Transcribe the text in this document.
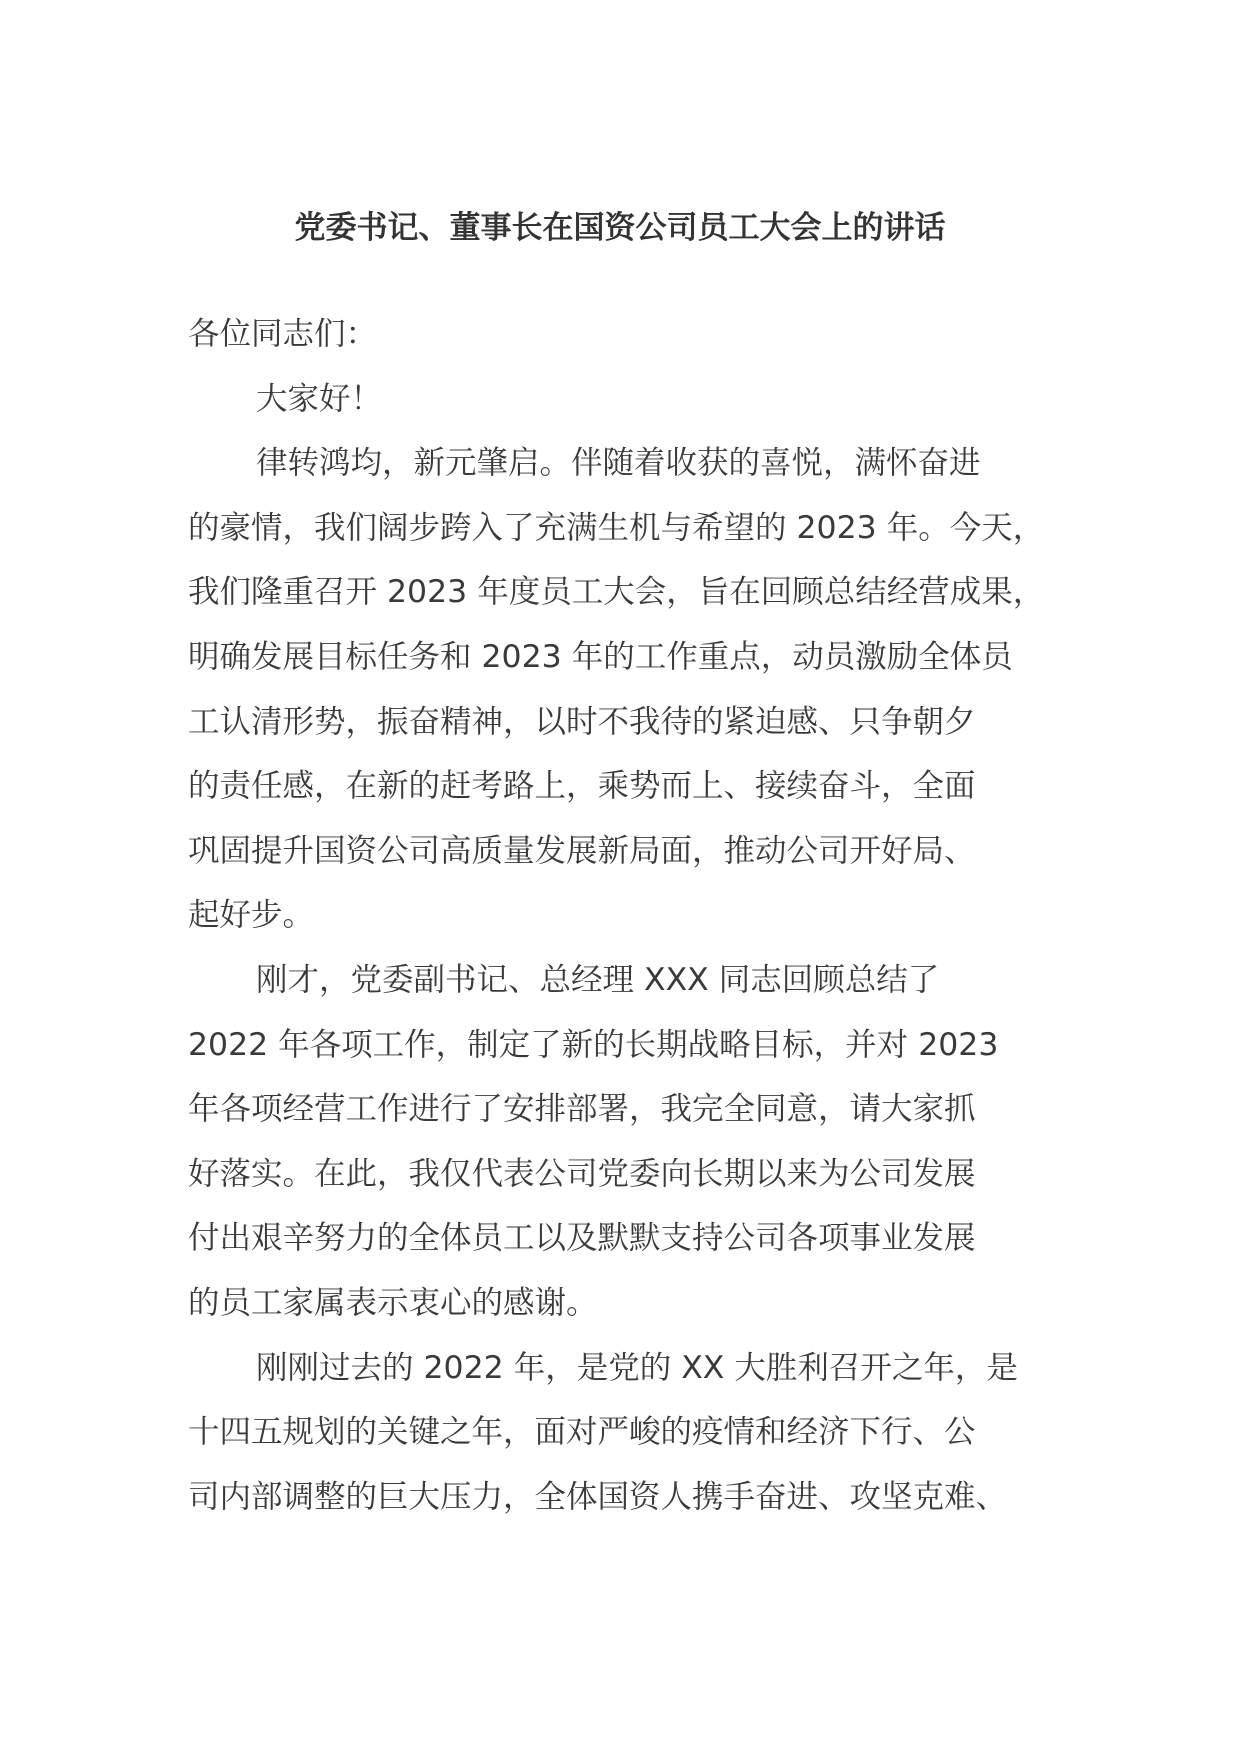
党委书记、董事长在国资公司员工大会上的讲话
各位同志们：
大家好！
律转鸿均，新元肇启。伴随着收获的喜悦，满怀奋进
的豪情，我们阔步跨入了充满生机与希望的 2023 年。今天，
我们隆重召开 2023 年度员工大会，旨在回顾总结经营成果，
明确发展目标任务和 2023 年的工作重点，动员激励全体员
工认清形势，振奋精神，以时不我待的紧迫感、只争朝夕
的责任感，在新的赶考路上，乘势而上、接续奋斗，全面
巩固提升国资公司高质量发展新局面，推动公司开好局、
起好步。
刚才，党委副书记、总经理 XXX 同志回顾总结了
2022 年各项工作，制定了新的长期战略目标，并对 2023
年各项经营工作进行了安排部署，我完全同意，请大家抓
好落实。在此，我仅代表公司党委向长期以来为公司发展
付出艰辛努力的全体员工以及默默支持公司各项事业发展
的员工家属表示衷心的感谢。
刚刚过去的 2022 年，是党的 XX 大胜利召开之年，是
十四五规划的关键之年，面对严峻的疫情和经济下行、公
司内部调整的巨大压力，全体国资人携手奋进、攻坚克难、
